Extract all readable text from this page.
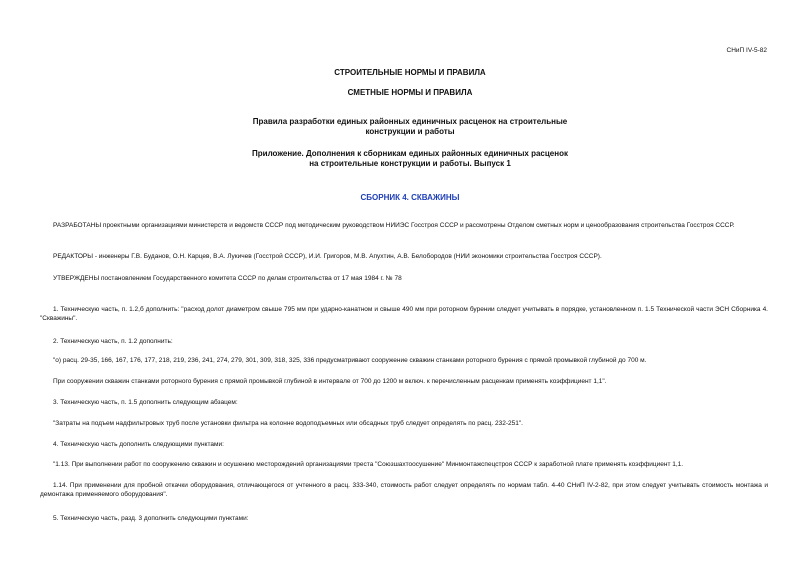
СНиП IV-5-82
СТРОИТЕЛЬНЫЕ НОРМЫ И ПРАВИЛА
СМЕТНЫЕ НОРМЫ И ПРАВИЛА
Правила разработки единых районных единичных расценок на строительные конструкции и работы
Приложение. Дополнения к сборникам единых районных единичных расценок на строительные конструкции и работы. Выпуск 1
СБОРНИК 4. СКВАЖИНЫ
РАЗРАБОТАНЫ проектными организациями министерств и ведомств СССР под методическим руководством НИИЭС Госстроя СССР и рассмотрены Отделом сметных норм и ценообразования строительства Госстроя СССР.
РЕДАКТОРЫ - инженеры Г.В. Буданов, О.Н. Карцев, В.А. Лукичев (Госстрой СССР), И.И. Григоров, М.В. Апухтин, А.В. Белобородов (НИИ экономики строительства Госстроя СССР).
УТВЕРЖДЕНЫ постановлением Государственного комитета СССР по делам строительства от 17 мая 1984 г. № 78
1. Техническую часть, п. 1.2,б дополнить: "расход долот диаметром свыше 795 мм при ударно-канатном и свыше 490 мм при роторном бурении следует учитывать в порядке, установленном п. 1.5 Технической части ЭСН Сборника 4. "Скважины".
2. Техническую часть, п. 1.2 дополнить:
"о) расц. 29-35, 166, 167, 176, 177, 218, 219, 236, 241, 274, 279, 301, 309, 318, 325, 336 предусматривают сооружение скважин станками роторного бурения с прямой промывкой глубиной до 700 м.
При сооружении скважин станками роторного бурения с прямой промывкой глубиной в интервале от 700 до 1200 м включ. к перечисленным расценкам применять коэффициент 1,1".
3. Техническую часть, п. 1.5 дополнить следующим абзацем:
"Затраты на подъем надфильтровых труб после установки фильтра на колонне водоподъемных или обсадных труб следует определять по расц. 232-251".
4. Техническую часть дополнить следующими пунктами:
"1.13. При выполнении работ по сооружению скважин и осушению месторождений организациями треста "Союзшахтоосушение" Минмонтажспецстроя СССР к заработной плате применять коэффициент 1,1.
1.14. При применении для пробной откачки оборудования, отличающегося от учтенного в расц. 333-340, стоимость работ следует определять по нормам табл. 4-40 СНиП IV-2-82, при этом следует учитывать стоимость монтажа и демонтажа применяемого оборудования".
5. Техническую часть, разд. 3 дополнить следующими пунктами:
